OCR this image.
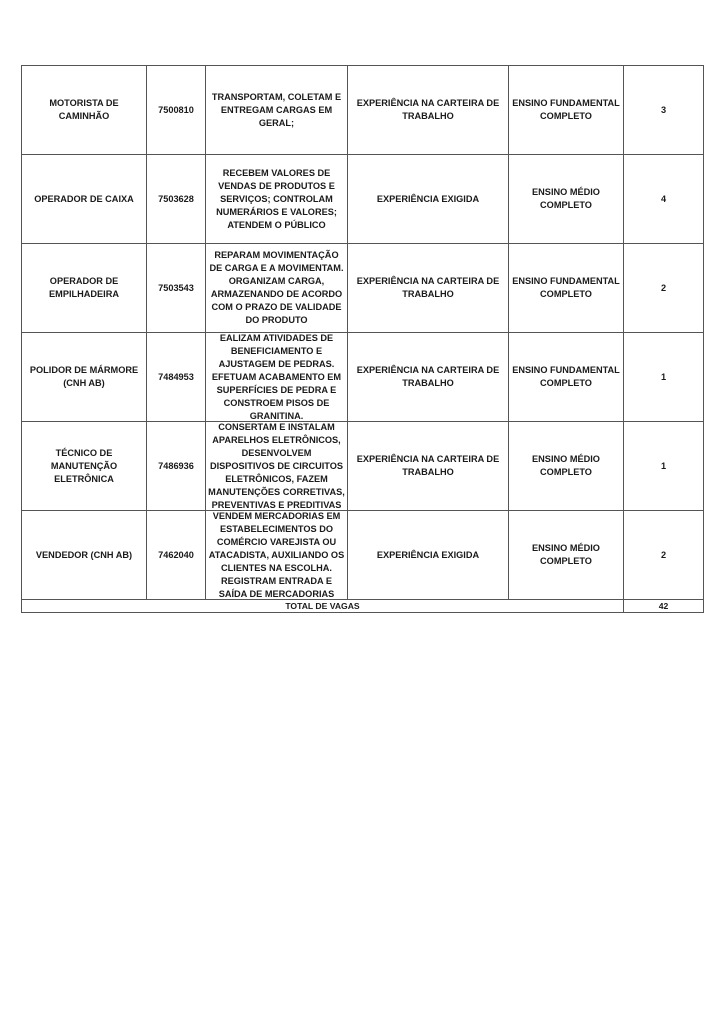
MOTORISTA DE CAMINHÃO	7500810	TRANSPORTAM, COLETAM E ENTREGAM CARGAS EM GERAL;	EXPERIÊNCIA NA CARTEIRA DE TRABALHO	ENSINO FUNDAMENTAL COMPLETO	3
OPERADOR DE CAIXA	7503628	RECEBEM VALORES DE VENDAS DE PRODUTOS E SERVIÇOS; CONTROLAM NUMERÁRIOS E VALORES; ATENDEM O PÚBLICO	EXPERIÊNCIA EXIGIDA	ENSINO MÉDIO COMPLETO	4
OPERADOR DE EMPILHADEIRA	7503543	REPARAM MOVIMENTAÇÃO DE CARGA E A MOVIMENTAM. ORGANIZAM CARGA, ARMAZENANDO DE ACORDO COM O PRAZO DE VALIDADE DO PRODUTO	EXPERIÊNCIA NA CARTEIRA DE TRABALHO	ENSINO FUNDAMENTAL COMPLETO	2
POLIDOR DE MÁRMORE (CNH AB)	7484953	EALIZAM ATIVIDADES DE BENEFICIAMENTO E AJUSTAGEM DE PEDRAS. EFETUAM ACABAMENTO EM SUPERFÍCIES DE PEDRA E CONSTROEM PISOS DE GRANITINA.	EXPERIÊNCIA NA CARTEIRA DE TRABALHO	ENSINO FUNDAMENTAL COMPLETO	1
TÉCNICO DE MANUTENÇÃO ELETRÔNICA	7486936	CONSERTAM E INSTALAM APARELHOS ELETRÔNICOS, DESENVOLVEM DISPOSITIVOS DE CIRCUITOS ELETRÔNICOS, FAZEM MANUTENÇÕES CORRETIVAS, PREVENTIVAS E PREDITIVAS	EXPERIÊNCIA NA CARTEIRA DE TRABALHO	ENSINO MÉDIO COMPLETO	1
VENDEDOR (CNH AB)	7462040	VENDEM MERCADORIAS EM ESTABELECIMENTOS DO COMÉRCIO VAREJISTA OU ATACADISTA, AUXILIANDO OS CLIENTES NA ESCOLHA. REGISTRAM ENTRADA E SAÍDA DE MERCADORIAS	EXPERIÊNCIA EXIGIDA	ENSINO MÉDIO COMPLETO	2
TOTAL DE VAGAS					42
